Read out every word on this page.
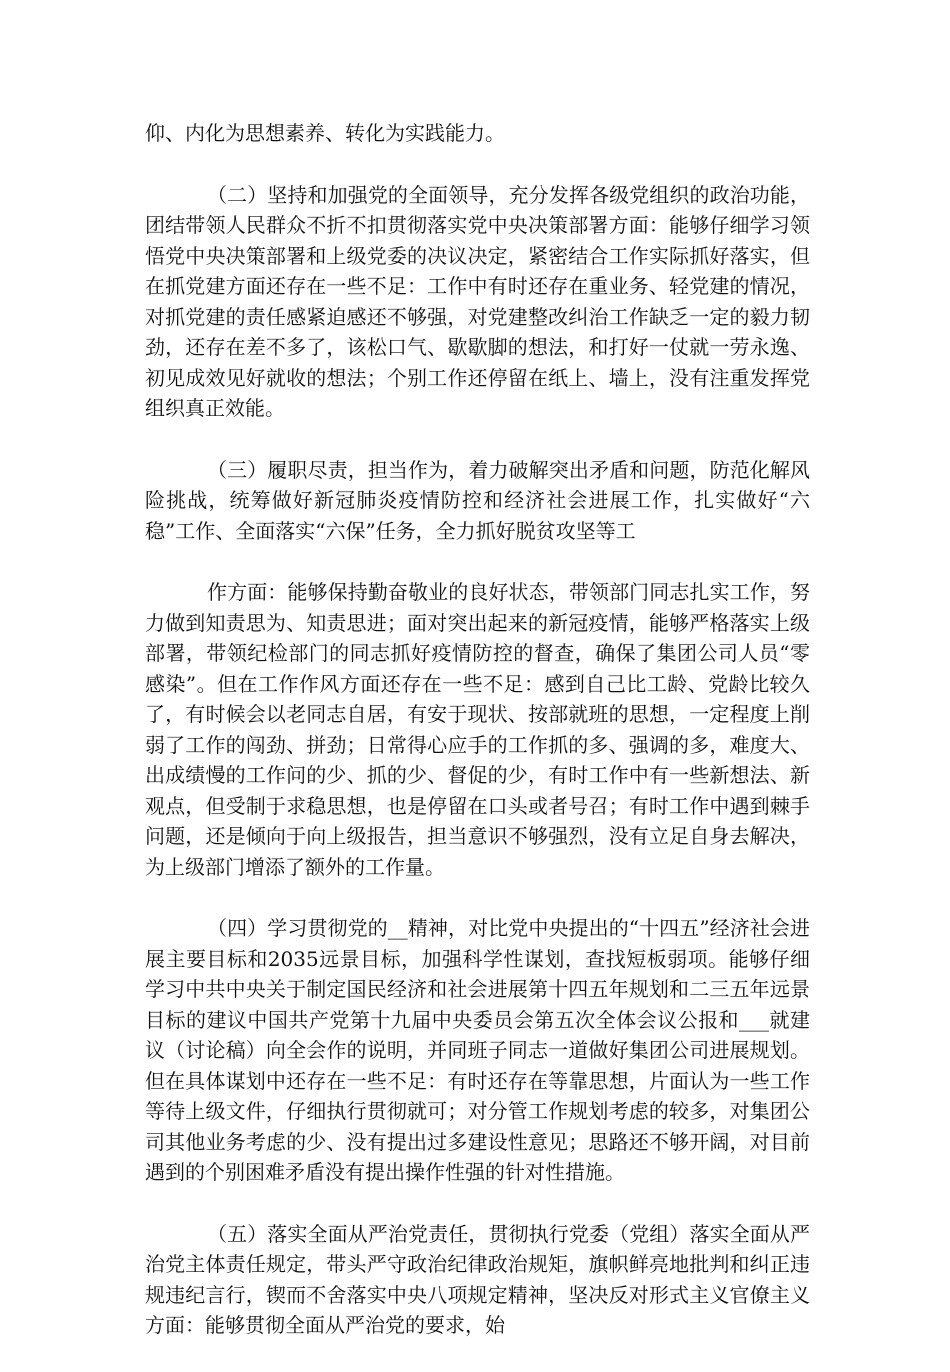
仰、内化为思想素养、转化为实践能力。

（二）坚持和加强党的全面领导，充分发挥各级党组织的政治功能，团结带领人民群众不折不扣贯彻落实党中央决策部署方面：能够仔细学习领悟党中央决策部署和上级党委的决议决定，紧密结合工作实际抓好落实，但在抓党建方面还存在一些不足：工作中有时还存在重业务、轻党建的情况，对抓党建的责任感紧迫感还不够强，对党建整改纠治工作缺乏一定的毅力韧劲，还存在差不多了，该松口气、歇歇脚的想法，和打好一仗就一劳永逸、初见成效见好就收的想法；个别工作还停留在纸上、墙上，没有注重发挥党组织真正效能。

（三）履职尽责，担当作为，着力破解突出矛盾和问题，防范化解风险挑战，统筹做好新冠肺炎疫情防控和经济社会进展工作，扎实做好“六稳”工作、全面落实“六保”任务，全力抓好脱贫攻坚等工

作方面：能够保持勤奋敬业的良好状态，带领部门同志扎实工作，努力做到知责思为、知责思进；面对突出起来的新冠疫情，能够严格落实上级部署，带领纪检部门的同志抓好疫情防控的督查，确保了集团公司人员“零感染”。但在工作作风方面还存在一些不足：感到自己比工龄、党龄比较久了，有时候会以老同志自居，有安于现状、按部就班的思想，一定程度上削弱了工作的闯劲、拼劲；日常得心应手的工作抓的多、强调的多，难度大、出成绩慢的工作问的少、抓的少、督促的少，有时工作中有一些新想法、新观点，但受制于求稳思想，也是停留在口头或者号召；有时工作中遇到棘手问题，还是倾向于向上级报告，担当意识不够强烈，没有立足自身去解决，为上级部门增添了额外的工作量。

（四）学习贯彻党的__精神，对比党中央提出的“十四五”经济社会进展主要目标和2035远景目标，加强科学性谋划，查找短板弱项。能够仔细学习中共中央关于制定国民经济和社会进展第十四五年规划和二三五年远景目标的建议中国共产党第十九届中央委员会第五次全体会议公报和___就建议（讨论稿）向全会作的说明，并同班子同志一道做好集团公司进展规划。但在具体谋划中还存在一些不足：有时还存在等靠思想，片面认为一些工作等待上级文件，仔细执行贯彻就可；对分管工作规划考虑的较多，对集团公司其他业务考虑的少、没有提出过多建设性意见；思路还不够开阔，对目前遇到的个别困难矛盾没有提出操作性强的针对性措施。

（五）落实全面从严治党责任，贯彻执行党委（党组）落实全面从严治党主体责任规定，带头严守政治纪律政治规矩，旗帜鲜亮地批判和纠正违规违纪言行，锲而不舍落实中央八项规定精神，坚决反对形式主义官僚主义方面：能够贯彻全面从严治党的要求，始
